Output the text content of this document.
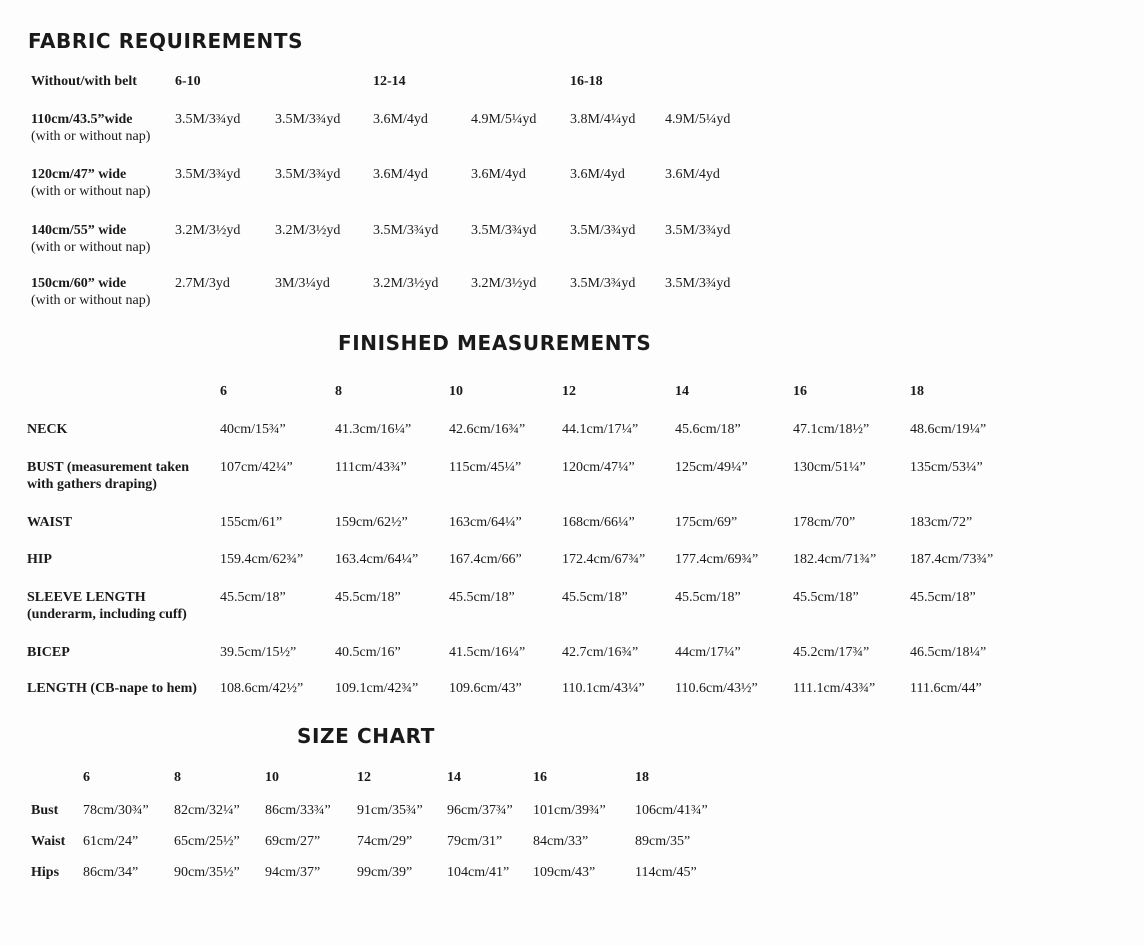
FABRIC REQUIREMENTS
FINISHED MEASUREMENTS
SIZE CHART
Without/with belt	6-10	12-14	16-18
110cm/43.5”wide
(with or without nap)
3.5M/3¾yd 3.5M/3¾yd 3.6M/4yd	4.9M/5¼yd 3.8M/4¼yd 4.9M/5¼yd
120cm/47” wide
(with or without nap)
3.5M/3¾yd 3.5M/3¾yd 3.6M/4yd	3.6M/4yd	3.6M/4yd	3.6M/4yd
140cm/55” wide
(with or without nap)
3.2M/3½yd 3.2M/3½yd 3.5M/3¾yd 3.5M/3¾yd 3.5M/3¾yd 3.5M/3¾yd
150cm/60” wide
(with or without nap)
2.7M/3yd	3M/3¼yd	3.2M/3½yd 3.2M/3½yd 3.5M/3¾yd 3.5M/3¾yd
6	8	10	12	14	16	18
NECK	40cm/15¾”	41.3cm/16¼”	42.6cm/16¾”	44.1cm/17¼”	45.6cm/18”	47.1cm/18½”	48.6cm/19¼”
BUST (measurement taken
with gathers draping)
107cm/42¼”	111cm/43¾”	115cm/45¼”	120cm/47¼”	125cm/49¼”	130cm/51¼”	135cm/53¼”
WAIST	155cm/61”	159cm/62½”	163cm/64¼”	168cm/66¼”	175cm/69”	178cm/70”	183cm/72”
HIP	159.4cm/62¾” 163.4cm/64¼” 167.4cm/66”	172.4cm/67¾” 177.4cm/69¾” 182.4cm/71¾” 187.4cm/73¾”
SLEEVE LENGTH
(underarm, including cuff)
45.5cm/18”	45.5cm/18”	45.5cm/18”	45.5cm/18”	45.5cm/18”	45.5cm/18”	45.5cm/18”
BICEP	39.5cm/15½”	40.5cm/16”	41.5cm/16¼”	42.7cm/16¾”	44cm/17¼”	45.2cm/17¾”	46.5cm/18¼”
LENGTH (CB-nape to hem) 108.6cm/42½” 109.1cm/42¾” 109.6cm/43”	110.1cm/43¼” 110.6cm/43½”	111.1cm/43¾” 111.6cm/44”
6	8	10	12	14	16	18
Bust 78cm/30¾” 82cm/32¼” 86cm/33¾” 91cm/35¾” 96cm/37¾” 101cm/39¾” 106cm/41¾”
Waist 61cm/24”	65cm/25½” 69cm/27”	74cm/29” 79cm/31” 84cm/33”	89cm/35”
Hips 86cm/34”	90cm/35½” 94cm/37”	99cm/39” 104cm/41” 109cm/43”	114cm/45”
